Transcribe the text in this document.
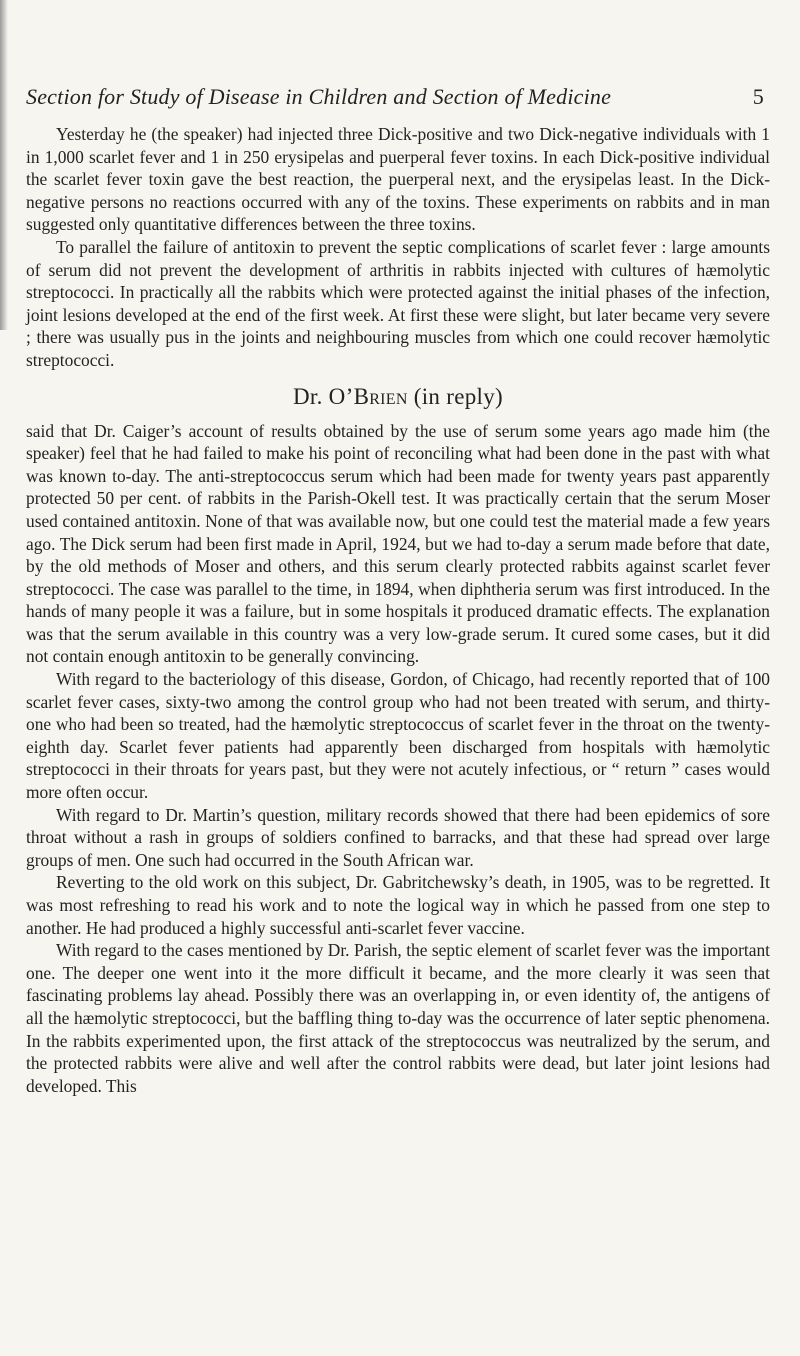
Section for Study of Disease in Children and Section of Medicine	5

Yesterday he (the speaker) had injected three Dick-positive and two Dick-negative individuals with 1 in 1,000 scarlet fever and 1 in 250 erysipelas and puerperal fever toxins. In each Dick-positive individual the scarlet fever toxin gave the best reaction, the puerperal next, and the erysipelas least. In the Dick-negative persons no reactions occurred with any of the toxins. These experiments on rabbits and in man suggested only quantitative differences between the three toxins.

To parallel the failure of antitoxin to prevent the septic complications of scarlet fever : large amounts of serum did not prevent the development of arthritis in rabbits injected with cultures of hæmolytic streptococci. In practically all the rabbits which were protected against the initial phases of the infection, joint lesions developed at the end of the first week. At first these were slight, but later became very severe ; there was usually pus in the joints and neighbouring muscles from which one could recover hæmolytic streptococci.

Dr. O’Brien (in reply)

said that Dr. Caiger’s account of results obtained by the use of serum some years ago made him (the speaker) feel that he had failed to make his point of reconciling what had been done in the past with what was known to-day. The anti-streptococcus serum which had been made for twenty years past apparently protected 50 per cent. of rabbits in the Parish-Okell test. It was practically certain that the serum Moser used contained antitoxin. None of that was available now, but one could test the material made a few years ago. The Dick serum had been first made in April, 1924, but we had to-day a serum made before that date, by the old methods of Moser and others, and this serum clearly protected rabbits against scarlet fever streptococci. The case was parallel to the time, in 1894, when diphtheria serum was first introduced. In the hands of many people it was a failure, but in some hospitals it produced dramatic effects. The explanation was that the serum available in this country was a very low-grade serum. It cured some cases, but it did not contain enough antitoxin to be generally convincing.

With regard to the bacteriology of this disease, Gordon, of Chicago, had recently reported that of 100 scarlet fever cases, sixty-two among the control group who had not been treated with serum, and thirty-one who had been so treated, had the hæmolytic streptococcus of scarlet fever in the throat on the twenty-eighth day. Scarlet fever patients had apparently been discharged from hospitals with hæmolytic streptococci in their throats for years past, but they were not acutely infectious, or “ return ” cases would more often occur.

With regard to Dr. Martin’s question, military records showed that there had been epidemics of sore throat without a rash in groups of soldiers confined to barracks, and that these had spread over large groups of men. One such had occurred in the South African war.

Reverting to the old work on this subject, Dr. Gabritchewsky’s death, in 1905, was to be regretted. It was most refreshing to read his work and to note the logical way in which he passed from one step to another. He had produced a highly successful anti-scarlet fever vaccine.

With regard to the cases mentioned by Dr. Parish, the septic element of scarlet fever was the important one. The deeper one went into it the more difficult it became, and the more clearly it was seen that fascinating problems lay ahead. Possibly there was an overlapping in, or even identity of, the antigens of all the hæmolytic streptococci, but the baffling thing to-day was the occurrence of later septic phenomena. In the rabbits experimented upon, the first attack of the streptococcus was neutralized by the serum, and the protected rabbits were alive and well after the control rabbits were dead, but later joint lesions had developed. This
